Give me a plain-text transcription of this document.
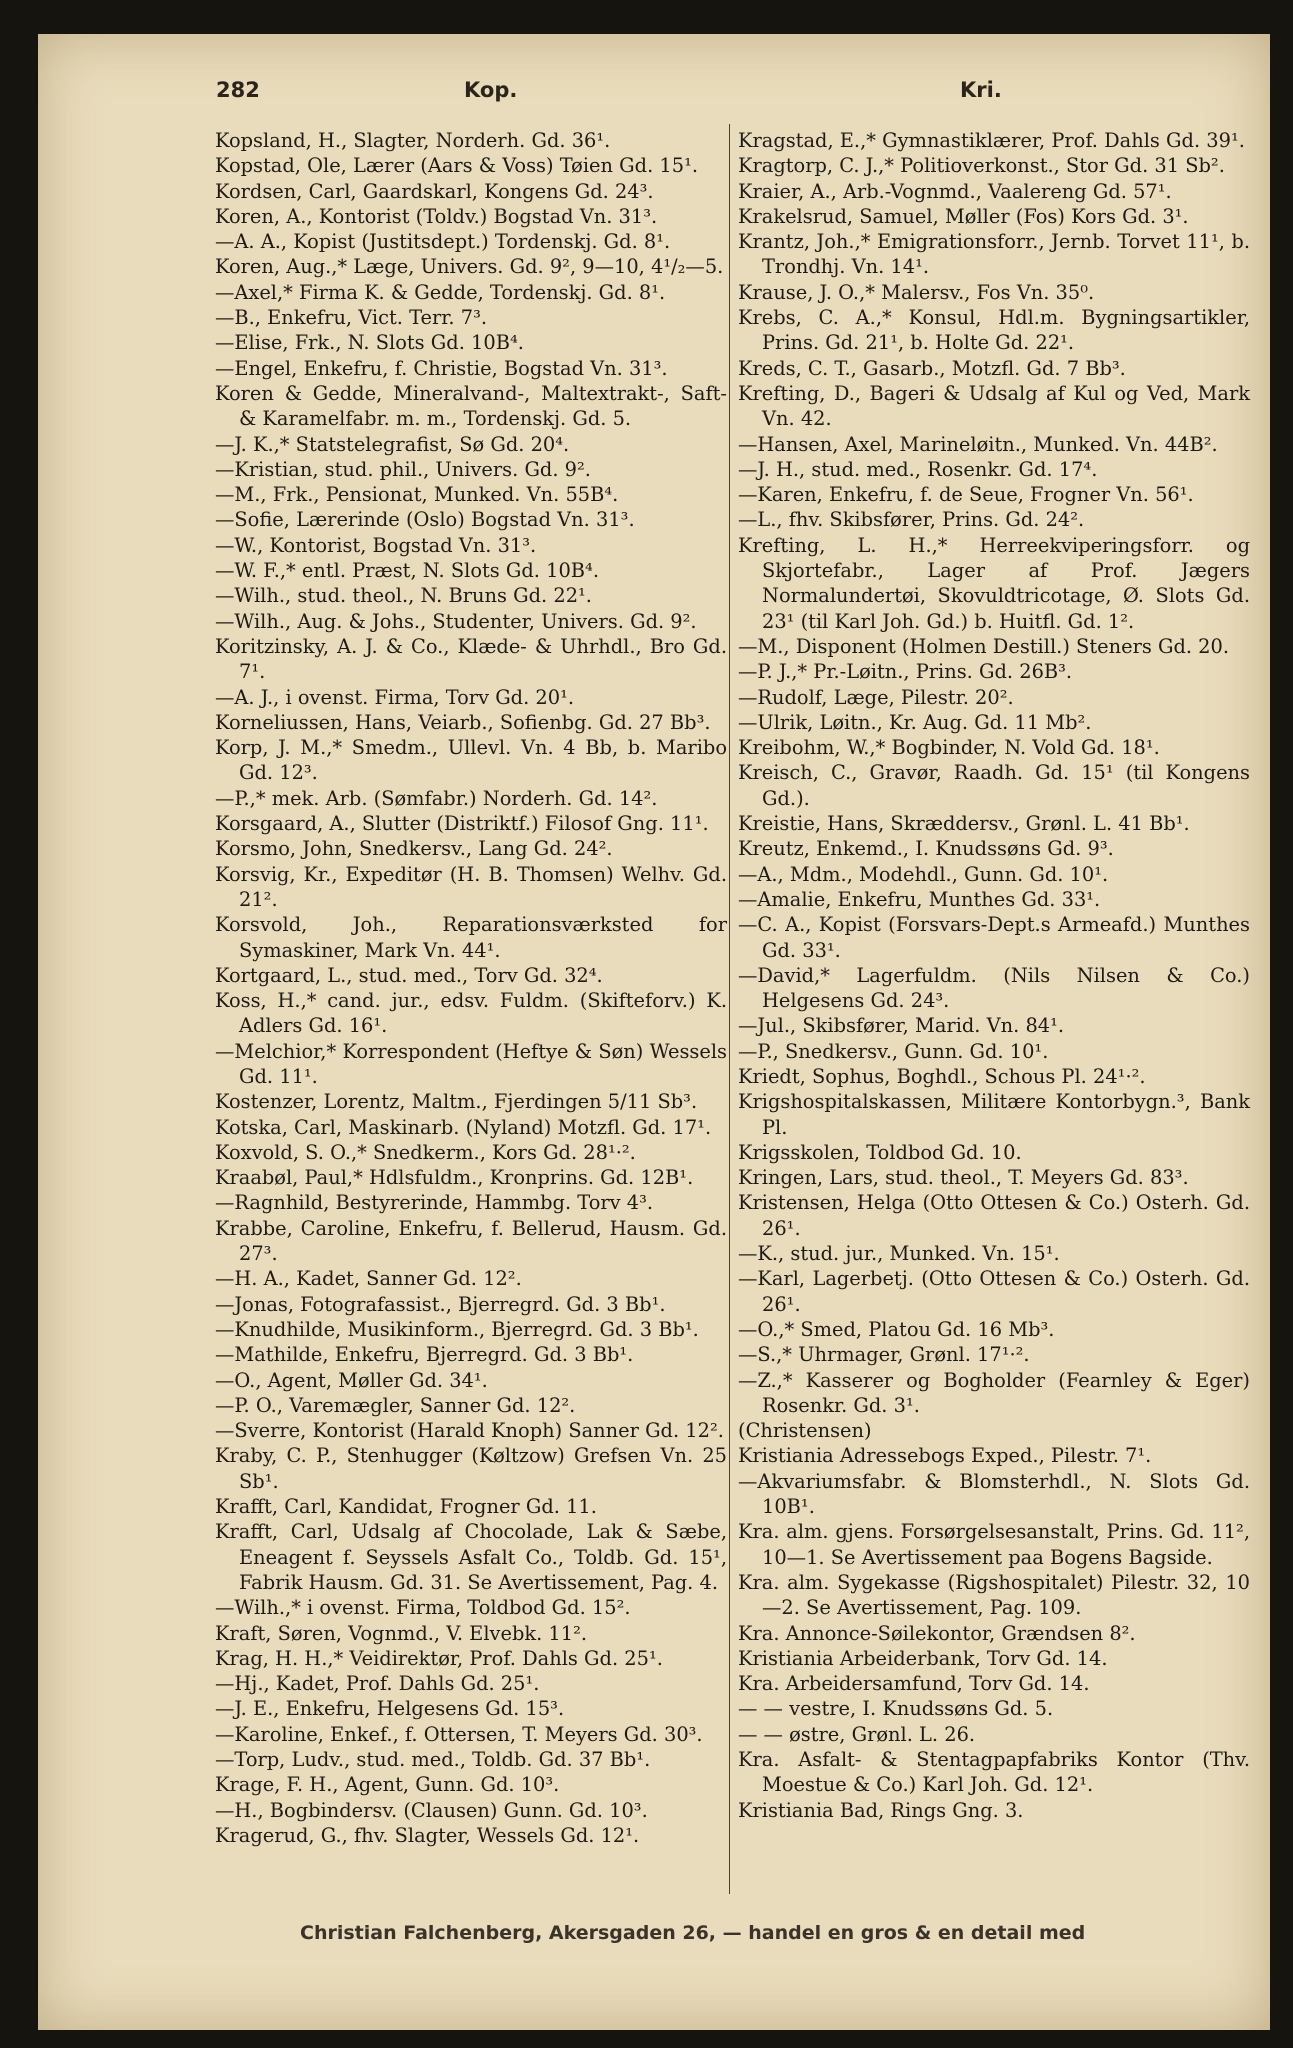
282	Kop.	Kri.
Kopsland, H., Slagter, Norderh. Gd. 36¹.
Kopstad, Ole, Lærer (Aars & Voss) Tøien Gd. 15¹.
Kordsen, Carl, Gaardskarl, Kongens Gd. 24³.
Koren, A., Kontorist (Toldv.) Bogstad Vn. 31³.
—A. A., Kopist (Justitsdept.) Tordenskj. Gd. 8¹.
Koren, Aug.,* Læge, Univers. Gd. 9², 9—10, 4¹/₂—5.
—Axel,* Firma K. & Gedde, Tordenskj. Gd. 8¹.
—B., Enkefru, Vict. Terr. 7³.
—Elise, Frk., N. Slots Gd. 10B⁴.
—Engel, Enkefru, f. Christie, Bogstad Vn. 31³.
Koren & Gedde, Mineralvand-, Maltextrakt-, Saft- & Karamelfabr. m. m., Tordenskj. Gd. 5.
—J. K.,* Statstelegrafist, Sø Gd. 20⁴.
—Kristian, stud. phil., Univers. Gd. 9².
—M., Frk., Pensionat, Munked. Vn. 55B⁴.
—Sofie, Lærerinde (Oslo) Bogstad Vn. 31³.
—W., Kontorist, Bogstad Vn. 31³.
—W. F.,* entl. Præst, N. Slots Gd. 10B⁴.
—Wilh., stud. theol., N. Bruns Gd. 22¹.
—Wilh., Aug. & Johs., Studenter, Univers. Gd. 9².
Koritzinsky, A. J. & Co., Klæde- & Uhrhdl., Bro Gd. 7¹.
—A. J., i ovenst. Firma, Torv Gd. 20¹.
Korneliussen, Hans, Veiarb., Sofienbg. Gd. 27 Bb³.
Korp, J. M.,* Smedm., Ullevl. Vn. 4 Bb, b. Maribo Gd. 12³.
—P.,* mek. Arb. (Sømfabr.) Norderh. Gd. 14².
Korsgaard, A., Slutter (Distriktf.) Filosof Gng. 11¹.
Korsmo, John, Snedkersv., Lang Gd. 24².
Korsvig, Kr., Expeditør (H. B. Thomsen) Welhv. Gd. 21².
Korsvold, Joh., Reparationsværksted for Symaskiner, Mark Vn. 44¹.
Kortgaard, L., stud. med., Torv Gd. 32⁴.
Koss, H.,* cand. jur., edsv. Fuldm. (Skifteforv.) K. Adlers Gd. 16¹.
—Melchior,* Korrespondent (Heftye & Søn) Wessels Gd. 11¹.
Kostenzer, Lorentz, Maltm., Fjerdingen 5/11 Sb³.
Kotska, Carl, Maskinarb. (Nyland) Motzfl. Gd. 17¹.
Koxvold, S. O.,* Snedkerm., Kors Gd. 28¹·².
Kraabøl, Paul,* Hdlsfuldm., Kronprins. Gd. 12B¹.
—Ragnhild, Bestyrerinde, Hammbg. Torv 4³.
Krabbe, Caroline, Enkefru, f. Bellerud, Hausm. Gd. 27³.
—H. A., Kadet, Sanner Gd. 12².
—Jonas, Fotografassist., Bjerregrd. Gd. 3 Bb¹.
—Knudhilde, Musikinform., Bjerregrd. Gd. 3 Bb¹.
—Mathilde, Enkefru, Bjerregrd. Gd. 3 Bb¹.
—O., Agent, Møller Gd. 34¹.
—P. O., Varemægler, Sanner Gd. 12².
—Sverre, Kontorist (Harald Knoph) Sanner Gd. 12².
Kraby, C. P., Stenhugger (Køltzow) Grefsen Vn. 25 Sb¹.
Krafft, Carl, Kandidat, Frogner Gd. 11.
Krafft, Carl, Udsalg af Chocolade, Lak & Sæbe, Eneagent f. Seyssels Asfalt Co., Toldb. Gd. 15¹, Fabrik Hausm. Gd. 31. Se Avertissement, Pag. 4.
—Wilh.,* i ovenst. Firma, Toldbod Gd. 15².
Kraft, Søren, Vognmd., V. Elvebk. 11².
Krag, H. H.,* Veidirektør, Prof. Dahls Gd. 25¹.
—Hj., Kadet, Prof. Dahls Gd. 25¹.
—J. E., Enkefru, Helgesens Gd. 15³.
—Karoline, Enkef., f. Ottersen, T. Meyers Gd. 30³.
—Torp, Ludv., stud. med., Toldb. Gd. 37 Bb¹.
Krage, F. H., Agent, Gunn. Gd. 10³.
—H., Bogbindersv. (Clausen) Gunn. Gd. 10³.
Kragerud, G., fhv. Slagter, Wessels Gd. 12¹.
Kragstad, E.,* Gymnastiklærer, Prof. Dahls Gd. 39¹.
Kragtorp, C. J.,* Politioverkonst., Stor Gd. 31 Sb².
Kraier, A., Arb.-Vognmd., Vaalereng Gd. 57¹.
Krakelsrud, Samuel, Møller (Fos) Kors Gd. 3¹.
Krantz, Joh.,* Emigrationsforr., Jernb. Torvet 11¹, b. Trondhj. Vn. 14¹.
Krause, J. O.,* Malersv., Fos Vn. 35⁰.
Krebs, C. A.,* Konsul, Hdl.m. Bygningsartikler, Prins. Gd. 21¹, b. Holte Gd. 22¹.
Kreds, C. T., Gasarb., Motzfl. Gd. 7 Bb³.
Krefting, D., Bageri & Udsalg af Kul og Ved, Mark Vn. 42.
—Hansen, Axel, Marineløitn., Munked. Vn. 44B².
—J. H., stud. med., Rosenkr. Gd. 17⁴.
—Karen, Enkefru, f. de Seue, Frogner Vn. 56¹.
—L., fhv. Skibsfører, Prins. Gd. 24².
Krefting, L. H.,* Herreekviperingsforr. og Skjortefabr., Lager af Prof. Jægers Normalundertøi, Skovuldtricotage, Ø. Slots Gd. 23¹ (til Karl Joh. Gd.) b. Huitfl. Gd. 1².
—M., Disponent (Holmen Destill.) Steners Gd. 20.
—P. J.,* Pr.-Løitn., Prins. Gd. 26B³.
—Rudolf, Læge, Pilestr. 20².
—Ulrik, Løitn., Kr. Aug. Gd. 11 Mb².
Kreibohm, W.,* Bogbinder, N. Vold Gd. 18¹.
Kreisch, C., Gravør, Raadh. Gd. 15¹ (til Kongens Gd.).
Kreistie, Hans, Skræddersv., Grønl. L. 41 Bb¹.
Kreutz, Enkemd., I. Knudssøns Gd. 9³.
—A., Mdm., Modehdl., Gunn. Gd. 10¹.
—Amalie, Enkefru, Munthes Gd. 33¹.
—C. A., Kopist (Forsvars-Dept.s Armeafd.) Munthes Gd. 33¹.
—David,* Lagerfuldm. (Nils Nilsen & Co.) Helgesens Gd. 24³.
—Jul., Skibsfører, Marid. Vn. 84¹.
—P., Snedkersv., Gunn. Gd. 10¹.
Kriedt, Sophus, Boghdl., Schous Pl. 24¹·².
Krigshospitalskassen, Militære Kontorbygn.³, Bank Pl.
Krigsskolen, Toldbod Gd. 10.
Kringen, Lars, stud. theol., T. Meyers Gd. 83³.
Kristensen, Helga (Otto Ottesen & Co.) Osterh. Gd. 26¹.
—K., stud. jur., Munked. Vn. 15¹.
—Karl, Lagerbetj. (Otto Ottesen & Co.) Osterh. Gd. 26¹.
—O.,* Smed, Platou Gd. 16 Mb³.
—S.,* Uhrmager, Grønl. 17¹·².
—Z.,* Kasserer og Bogholder (Fearnley & Eger) Rosenkr. Gd. 3¹.
(Christensen)
Kristiania Adressebogs Exped., Pilestr. 7¹.
—Akvariumsfabr. & Blomsterhdl., N. Slots Gd. 10B¹.
Kra. alm. gjens. Forsørgelsesanstalt, Prins. Gd. 11², 10—1. Se Avertissement paa Bogens Bagside.
Kra. alm. Sygekasse (Rigshospitalet) Pilestr. 32, 10—2. Se Avertissement, Pag. 109.
Kra. Annonce-Søilekontor, Grændsen 8².
Kristiania Arbeiderbank, Torv Gd. 14.
Kra. Arbeidersamfund, Torv Gd. 14.
— — vestre, I. Knudssøns Gd. 5.
— — østre, Grønl. L. 26.
Kra. Asfalt- & Stentagpapfabriks Kontor (Thv. Moestue & Co.) Karl Joh. Gd. 12¹.
Kristiania Bad, Rings Gng. 3.
Christian Falchenberg, Akersgaden 26, — handel en gros & en detail med
